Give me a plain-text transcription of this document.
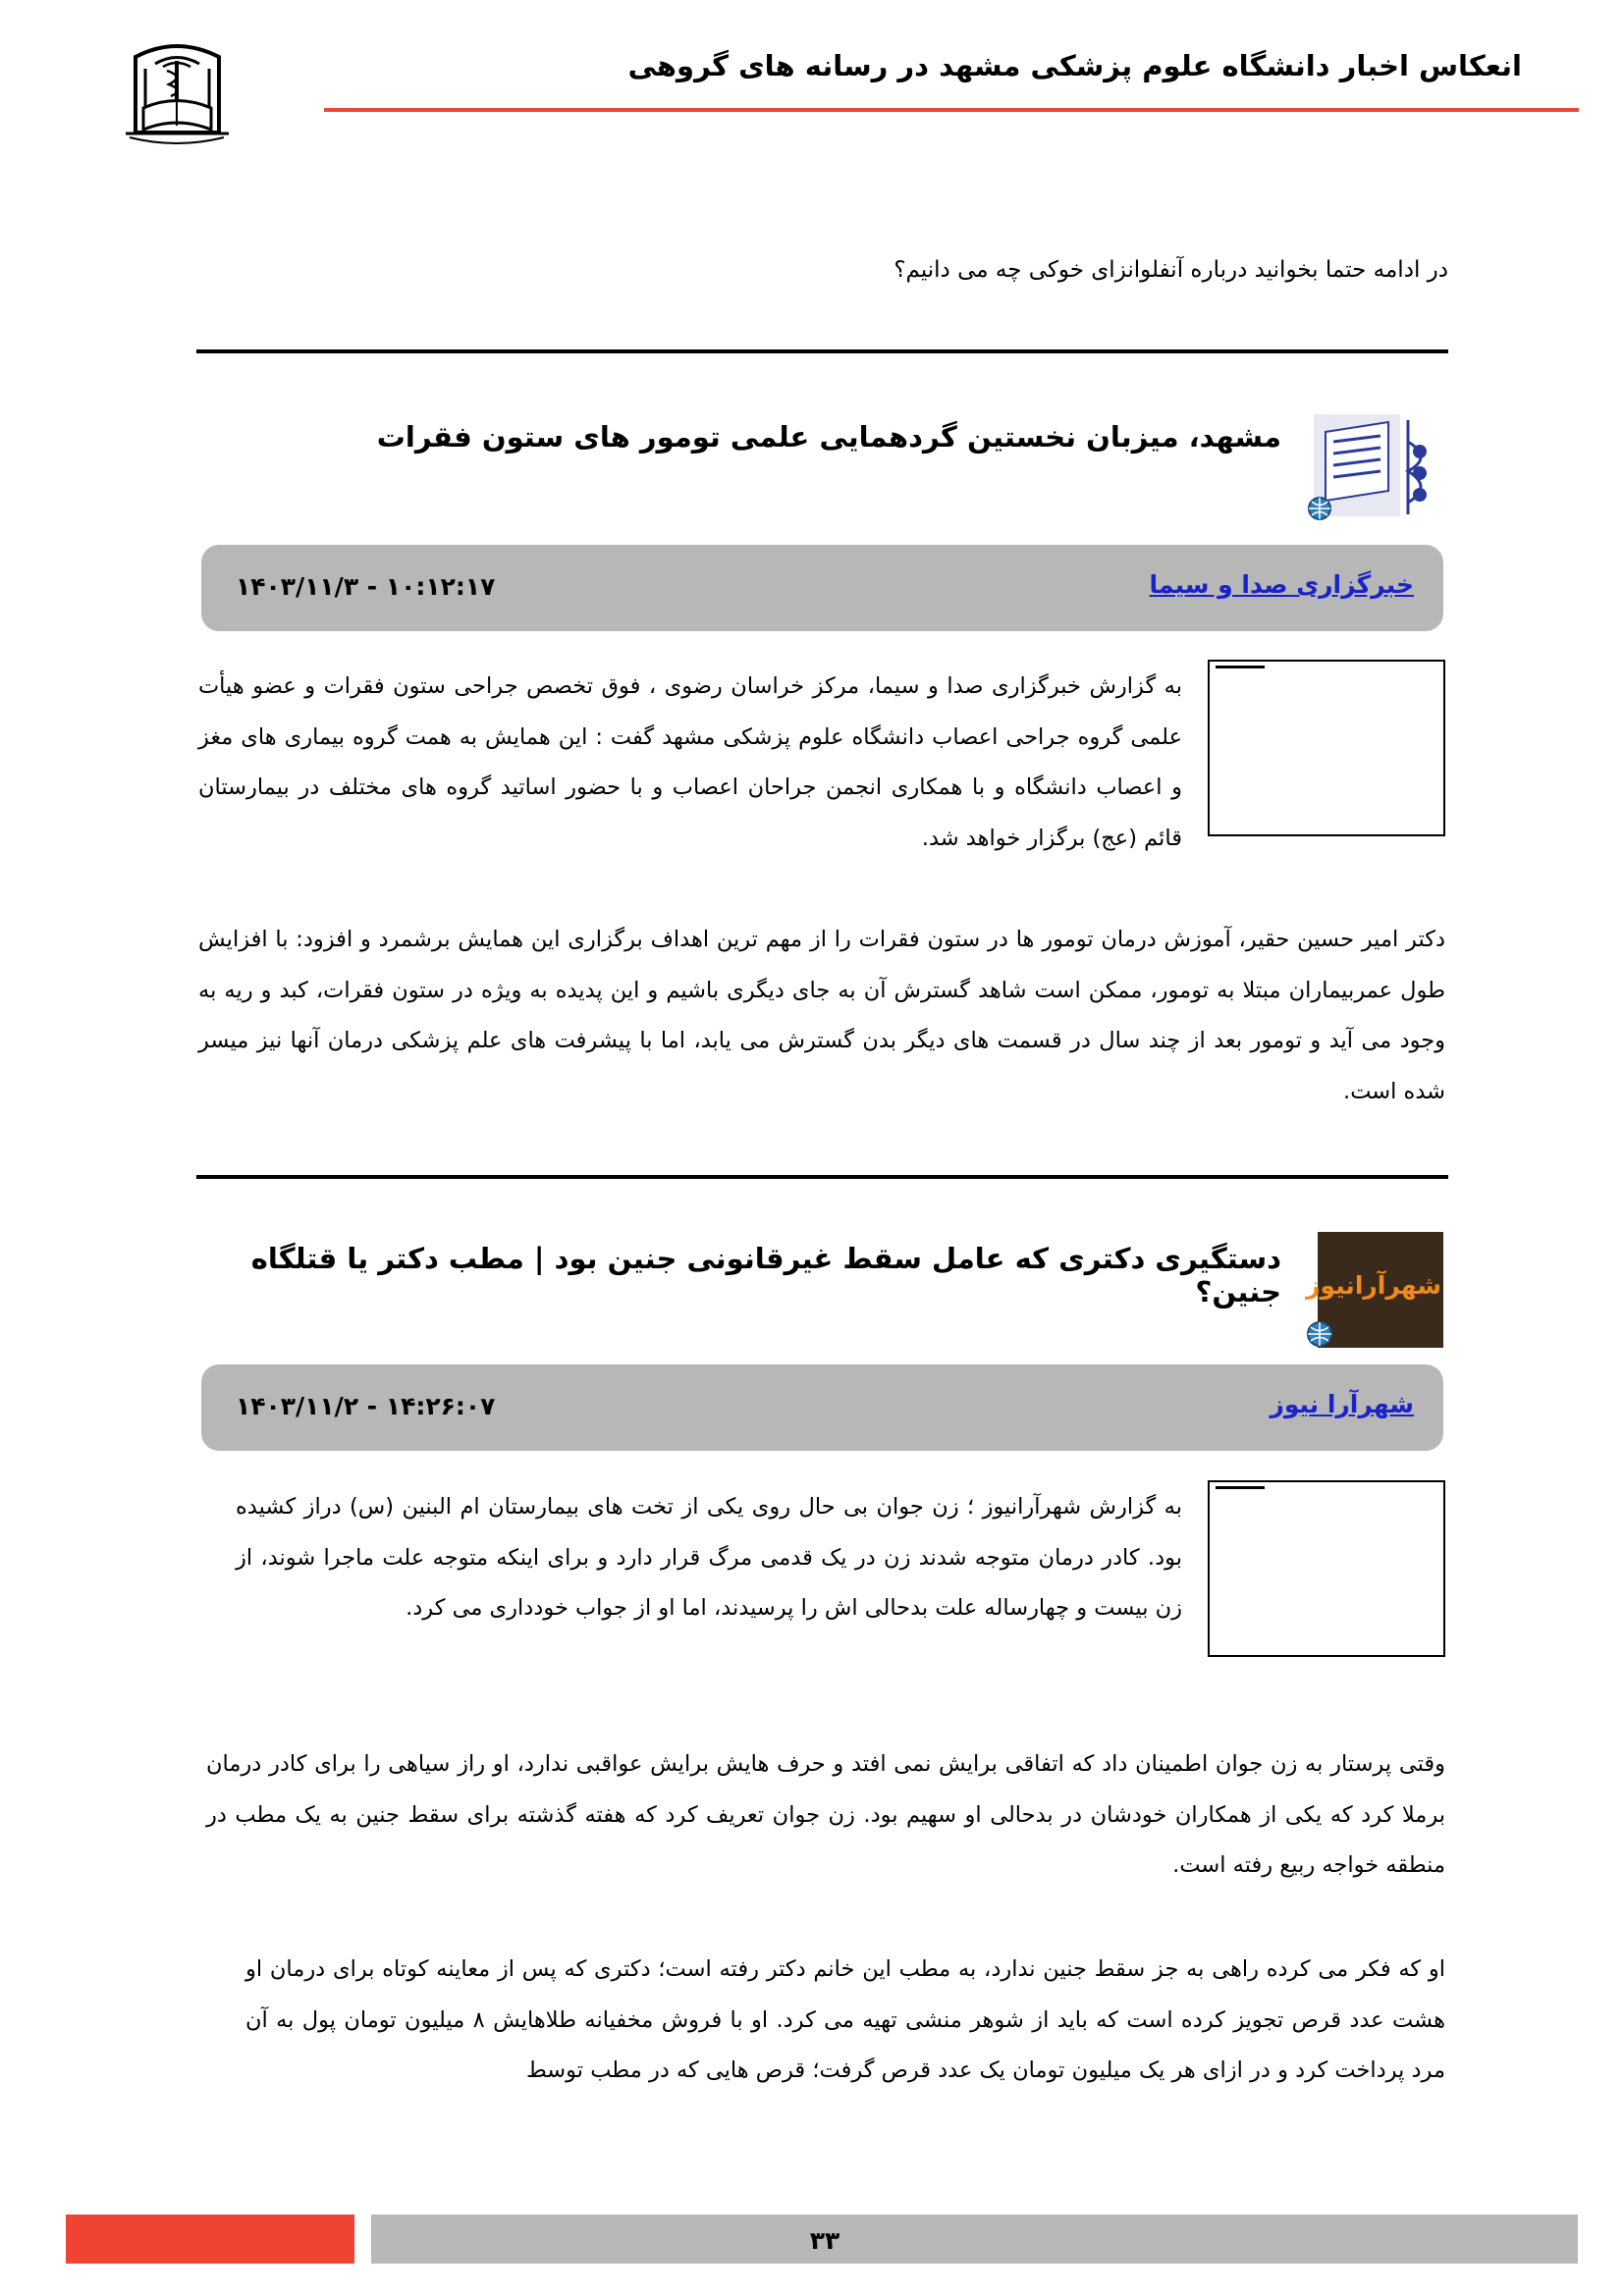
انعکاس اخبار دانشگاه علوم پزشکی مشهد در رسانه های گروهی
در ادامه حتما بخوانید درباره آنفلوانزای خوکی چه می دانیم؟
مشهد، میزبان نخستین گردهمایی علمی تومور های ستون فقرات
خبرگزاری صدا و سیما
۱۴۰۳/۱۱/۳ - ۱۰:۱۲:۱۷
به گزارش خبرگزاری صدا و سیما، مرکز خراسان رضوی ، فوق تخصص جراحی ستون فقرات و عضو هیأت علمی گروه جراحی اعصاب دانشگاه علوم پزشکی مشهد گفت : این همایش به همت گروه بیماری های مغز و اعصاب دانشگاه و با همکاری انجمن جراحان اعصاب و با حضور اساتید گروه های مختلف در بیمارستان قائم (عج) برگزار خواهد شد.
دکتر امیر حسین حقیر، آموزش درمان تومور ها در ستون فقرات را از مهم ترین اهداف برگزاری این همایش برشمرد و افزود: با افزایش طول عمربیماران مبتلا به تومور، ممکن است شاهد گسترش آن به جای دیگری باشیم و این پدیده به ویژه در ستون فقرات، کبد و ریه به وجود می آید و تومور بعد از چند سال در قسمت های دیگر بدن گسترش می یابد، اما با پیشرفت های علم پزشکی درمان آنها نیز میسر شده است.
شهرآرانیوز
دستگیری دکتری که عامل سقط غیرقانونی جنین بود | مطب دکتر یا قتلگاه جنین؟
شهرآرا نیوز
۱۴۰۳/۱۱/۲ - ۱۴:۲۶:۰۷
به گزارش شهرآرانیوز ؛ زن جوان بی حال روی یکی از تخت های بیمارستان ام البنین (س) دراز کشیده بود. کادر درمان متوجه شدند زن در یک قدمی مرگ قرار دارد و برای اینکه متوجه علت ماجرا شوند، از زن بیست و چهارساله علت بدحالی اش را پرسیدند، اما او از جواب خودداری می کرد.
وقتی پرستار به زن جوان اطمینان داد که اتفاقی برایش نمی افتد و حرف هایش برایش عواقبی ندارد، او راز سیاهی را برای کادر درمان برملا کرد که یکی از همکاران خودشان در بدحالی او سهیم بود. زن جوان تعریف کرد که هفته گذشته برای سقط جنین به یک مطب در منطقه خواجه ربیع رفته است.
او که فکر می کرده راهی به جز سقط جنین ندارد، به مطب این خانم دکتر رفته است؛ دکتری که پس از معاینه کوتاه برای درمان او هشت عدد قرص تجویز کرده است که باید از شوهر منشی تهیه می کرد. او با فروش مخفیانه طلاهایش ۸ میلیون تومان پول به آن مرد پرداخت کرد و در ازای هر یک میلیون تومان یک عدد قرص گرفت؛ قرص هایی که در مطب توسط
۳۳
